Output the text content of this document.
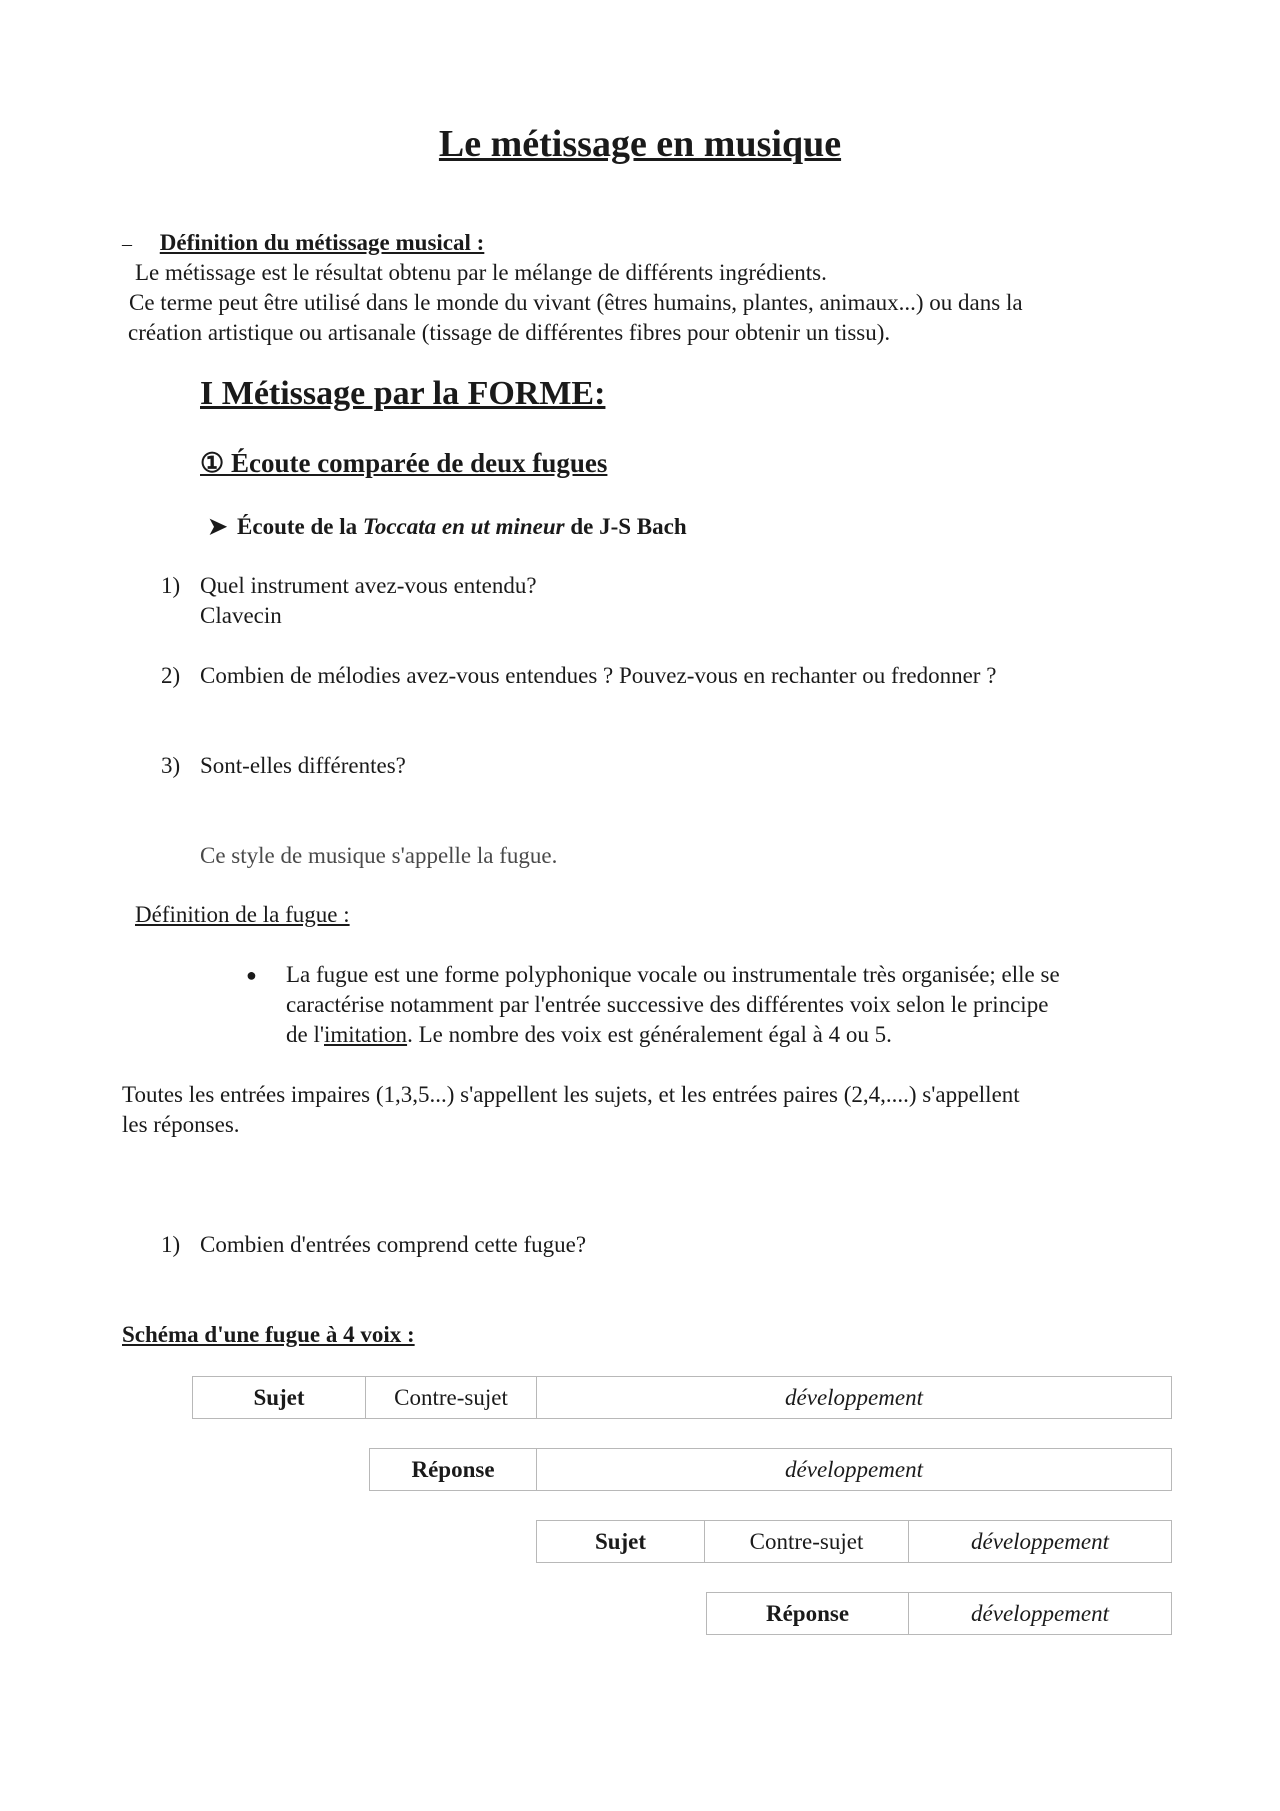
Le métissage en musique
– Définition du métissage musical :
Le métissage est le résultat obtenu par le mélange de différents ingrédients.
Ce terme peut être utilisé dans le monde du vivant (êtres humains, plantes, animaux...) ou dans la
création artistique ou artisanale (tissage de différentes fibres pour obtenir un tissu).
I Métissage par la FORME:
① Écoute comparée de deux fugues
➤ Écoute de la Toccata en ut mineur de J-S Bach
1) Quel instrument avez-vous entendu?
Clavecin
2) Combien de mélodies avez-vous entendues ? Pouvez-vous en rechanter ou fredonner ?
3) Sont-elles différentes?
Ce style de musique s'appelle la fugue.
Définition de la fugue :
● La fugue est une forme polyphonique vocale ou instrumentale très organisée; elle se
caractérise notamment par l'entrée successive des différentes voix selon le principe
de l'imitation. Le nombre des voix est généralement égal à 4 ou 5.
Toutes les entrées impaires (1,3,5...) s'appellent les sujets, et les entrées paires (2,4,....) s'appellent
les réponses.
1) Combien d'entrées comprend cette fugue?
Schéma d'une fugue à 4 voix :
Sujet	Contre-sujet	développement
Réponse	développement
Sujet	Contre-sujet	développement
Réponse	développement
